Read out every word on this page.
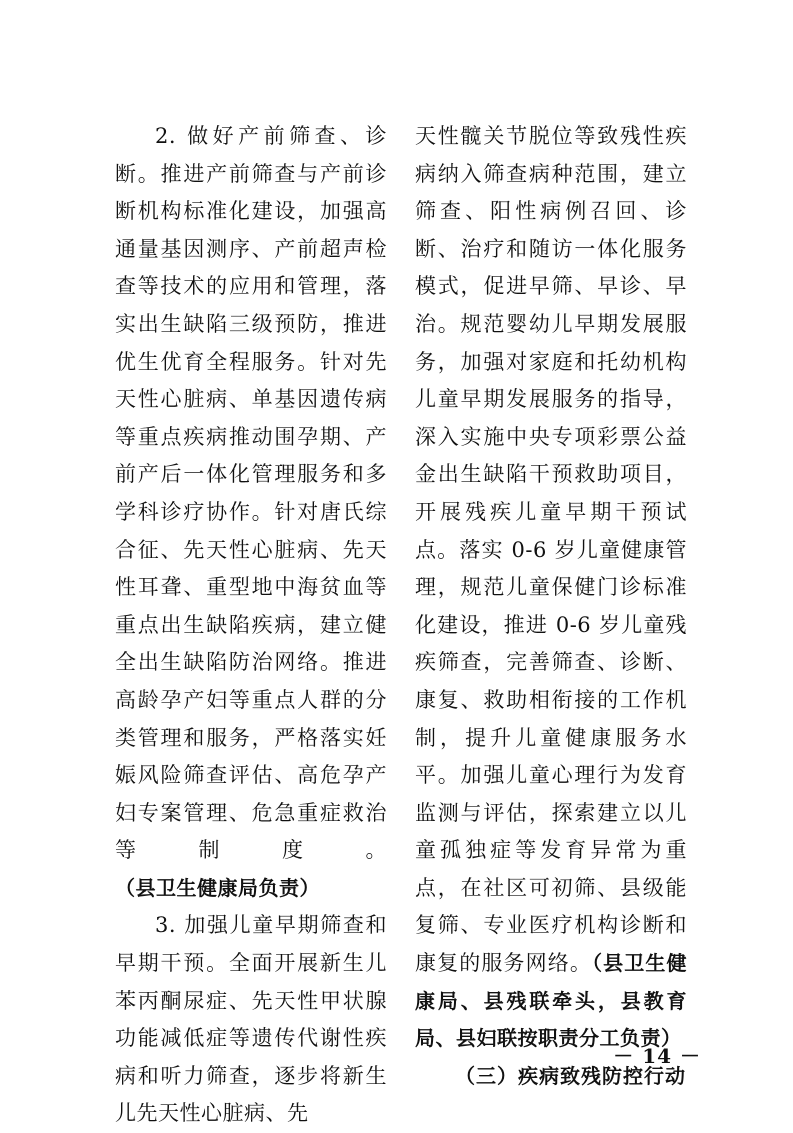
2. 做好产前筛查、诊断。推进产前筛查与产前诊断机构标准化建设，加强高通量基因测序、产前超声检查等技术的应用和管理，落实出生缺陷三级预防，推进优生优育全程服务。针对先天性心脏病、单基因遗传病等重点疾病推动围孕期、产前产后一体化管理服务和多学科诊疗协作。针对唐氏综合征、先天性心脏病、先天性耳聋、重型地中海贫血等重点出生缺陷疾病，建立健全出生缺陷防治网络。推进高龄孕产妇等重点人群的分类管理和服务，严格落实妊娠风险筛查评估、高危孕产妇专案管理、危急重症救治等制度。（县卫生健康局负责）

3. 加强儿童早期筛查和早期干预。全面开展新生儿苯丙酮尿症、先天性甲状腺功能减低症等遗传代谢性疾病和听力筛查，逐步将新生儿先天性心脏病、先

天性髋关节脱位等致残性疾病纳入筛查病种范围，建立筛查、阳性病例召回、诊断、治疗和随访一体化服务模式，促进早筛、早诊、早治。规范婴幼儿早期发展服务，加强对家庭和托幼机构儿童早期发展服务的指导，深入实施中央专项彩票公益金出生缺陷干预救助项目，开展残疾儿童早期干预试点。落实 0-6 岁儿童健康管理，规范儿童保健门诊标准化建设，推进 0-6 岁儿童残疾筛查，完善筛查、诊断、康复、救助相衔接的工作机制，提升儿童健康服务水平。加强儿童心理行为发育监测与评估，探索建立以儿童孤独症等发育异常为重点，在社区可初筛、县级能复筛、专业医疗机构诊断和康复的服务网络。（县卫生健康局、县残联牵头，县教育局、县妇联按职责分工负责）

（三）疾病致残防控行动

－ 14 －
